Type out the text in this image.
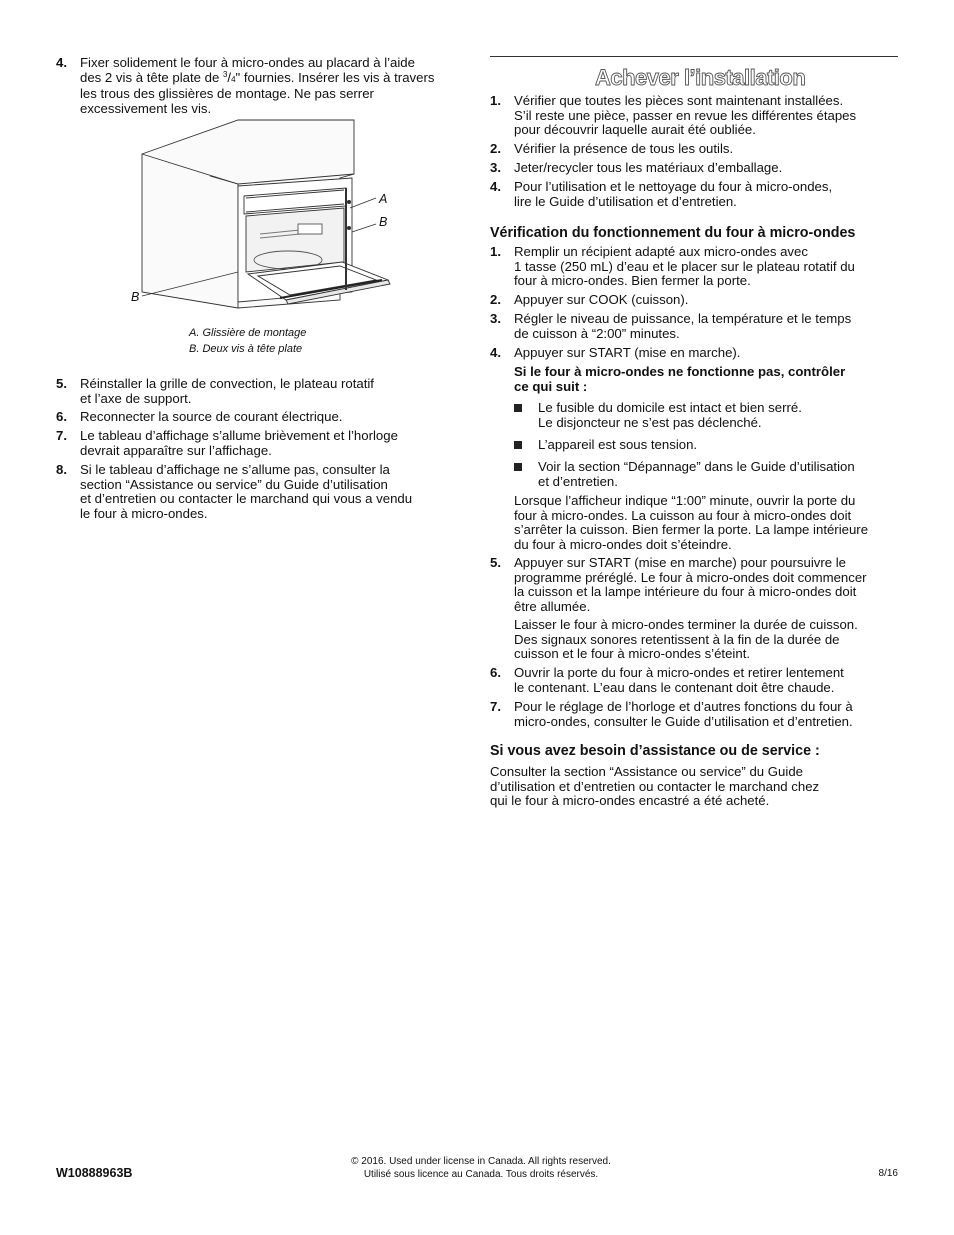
4. Fixer solidement le four à micro-ondes au placard à l’aide
des 2 vis à tête plate de $^3$/4" fournies. Insérer les vis à travers
les trous des glissières de montage. Ne pas serrer
excessivement les vis.
A
B
B
A. Glissière de montage
B. Deux vis à tête plate
5. Réinstaller la grille de convection, le plateau rotatif
et l’axe de support.
6. Reconnecter la source de courant électrique.
7. Le tableau d’affichage s’allume brièvement et l’horloge
devrait apparaître sur l’affichage.
8. Si le tableau d’affichage ne s’allume pas, consulter la
section “Assistance ou service” du Guide d’utilisation
et d’entretien ou contacter le marchand qui vous a vendu
le four à micro-ondes.
Achever l’installation
1. Vérifier que toutes les pièces sont maintenant installées.
S’il reste une pièce, passer en revue les différentes étapes
pour découvrir laquelle aurait été oubliée.
2. Vérifier la présence de tous les outils.
3. Jeter/recycler tous les matériaux d’emballage.
4. Pour l’utilisation et le nettoyage du four à micro-ondes,
lire le Guide d’utilisation et d’entretien.
Vérification du fonctionnement du four à micro-ondes
1. Remplir un récipient adapté aux micro-ondes avec
1 tasse (250 mL) d’eau et le placer sur le plateau rotatif du
four à micro-ondes. Bien fermer la porte.
2. Appuyer sur COOK (cuisson).
3. Régler le niveau de puissance, la température et le temps
de cuisson à “2:00” minutes.
4. Appuyer sur START (mise en marche).
Si le four à micro-ondes ne fonctionne pas, contrôler
ce qui suit :
Le fusible du domicile est intact et bien serré.
Le disjoncteur ne s’est pas déclenché.
L’appareil est sous tension.
Voir la section “Dépannage” dans le Guide d’utilisation
et d’entretien.
Lorsque l’afficheur indique “1:00” minute, ouvrir la porte du
four à micro-ondes. La cuisson au four à micro-ondes doit
s’arrêter la cuisson. Bien fermer la porte. La lampe intérieure
du four à micro-ondes doit s’éteindre.
5. Appuyer sur START (mise en marche) pour poursuivre le
programme préréglé. Le four à micro-ondes doit commencer
la cuisson et la lampe intérieure du four à micro-ondes doit
être allumée.
Laisser le four à micro-ondes terminer la durée de cuisson.
Des signaux sonores retentissent à la fin de la durée de
cuisson et le four à micro-ondes s’éteint.
6. Ouvrir la porte du four à micro-ondes et retirer lentement
le contenant. L’eau dans le contenant doit être chaude.
7. Pour le réglage de l’horloge et d’autres fonctions du four à
micro-ondes, consulter le Guide d’utilisation et d’entretien.
Si vous avez besoin d’assistance ou de service :
Consulter la section “Assistance ou service” du Guide
d’utilisation et d’entretien ou contacter le marchand chez
qui le four à micro-ondes encastré a été acheté.
W10888963B
© 2016. Used under license in Canada. All rights reserved.
Utilisé sous licence au Canada. Tous droits réservés.	8/16
